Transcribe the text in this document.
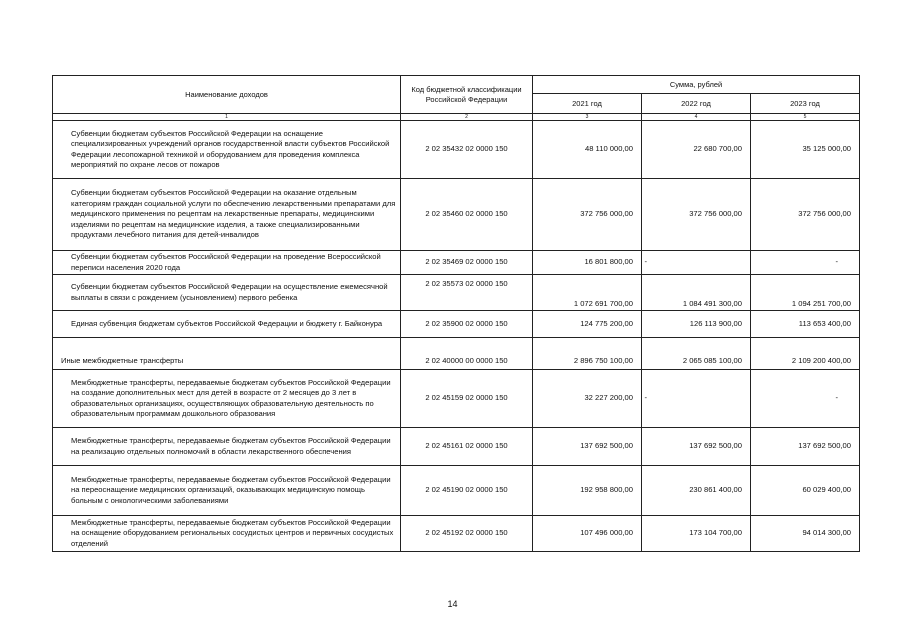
Наименование доходов	Код бюджетной классификации Российской Федерации	Сумма, рублей		
		2021 год	2022 год	2023 год
1	2	3	4	5
Субвенции бюджетам субъектов Российской Федерации на оснащение специализированных учреждений органов государственной власти субъектов Российской Федерации лесопожарной техникой и оборудованием для проведения комплекса мероприятий по охране лесов от пожаров	2 02 35432 02 0000 150	48 110 000,00	22 680 700,00	35 125 000,00
Субвенции бюджетам субъектов Российской Федерации на оказание отдельным категориям граждан социальной услуги по обеспечению лекарственными препаратами для медицинского применения по рецептам на лекарственные препараты, медицинскими изделиями по рецептам на медицинские изделия, а также специализированными продуктами лечебного питания для детей-инвалидов	2 02 35460 02 0000 150	372 756 000,00	372 756 000,00	372 756 000,00
Субвенции бюджетам субъектов Российской Федерации на проведение Всероссийской переписи населения 2020 года	2 02 35469 02 0000 150	16 801 800,00	-	-
Субвенции бюджетам субъектов Российской Федерации на осуществление ежемесячной выплаты в связи с рождением (усыновлением) первого ребенка	2 02 35573 02 0000 150	1 072 691 700,00	1 084 491 300,00	1 094 251 700,00
Единая субвенция бюджетам субъектов Российской Федерации и бюджету г. Байконура	2 02 35900 02 0000 150	124 775 200,00	126 113 900,00	113 653 400,00
Иные межбюджетные трансферты	2 02 40000 00 0000 150	2 896 750 100,00	2 065 085 100,00	2 109 200 400,00
Межбюджетные трансферты, передаваемые бюджетам субъектов Российской Федерации на создание дополнительных мест для детей в возрасте от 2 месяцев до 3 лет в образовательных организациях, осуществляющих образовательную деятельность по образовательным программам дошкольного образования	2 02 45159 02 0000 150	32 227 200,00	-	-
Межбюджетные трансферты, передаваемые бюджетам субъектов Российской Федерации на реализацию отдельных полномочий в области лекарственного обеспечения	2 02 45161 02 0000 150	137 692 500,00	137 692 500,00	137 692 500,00
Межбюджетные трансферты, передаваемые бюджетам субъектов Российской Федерации на переоснащение медицинских организаций, оказывающих медицинскую помощь больным с онкологическими заболеваниями	2 02 45190 02 0000 150	192 958 800,00	230 861 400,00	60 029 400,00
Межбюджетные трансферты, передаваемые бюджетам субъектов Российской Федерации на оснащение оборудованием региональных сосудистых центров и первичных сосудистых отделений	2 02 45192 02 0000 150	107 496 000,00	173 104 700,00	94 014 300,00
14
